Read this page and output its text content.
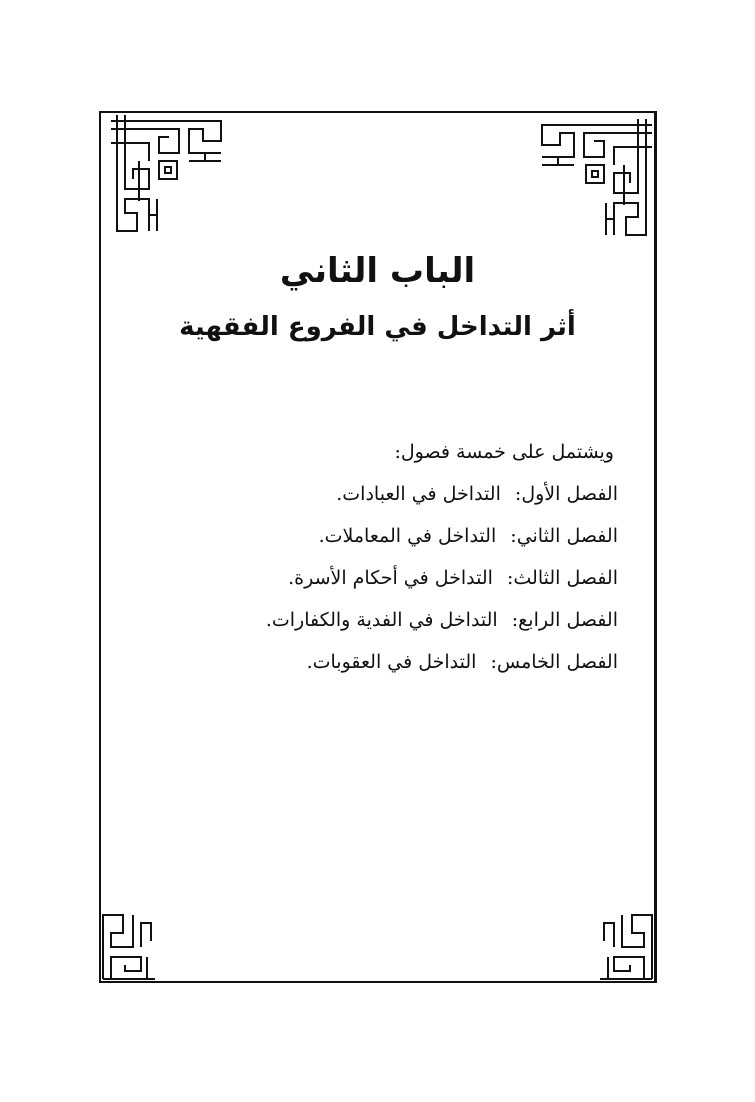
الباب الثاني
أثر التداخل في الفروع الفقهية
ويشتمل على خمسة فصول:
الفصل الأول: التداخل في العبادات.
الفصل الثاني: التداخل في المعاملات.
الفصل الثالث: التداخل في أحكام الأسرة.
الفصل الرابع: التداخل في الفدية والكفارات.
الفصل الخامس: التداخل في العقوبات.
